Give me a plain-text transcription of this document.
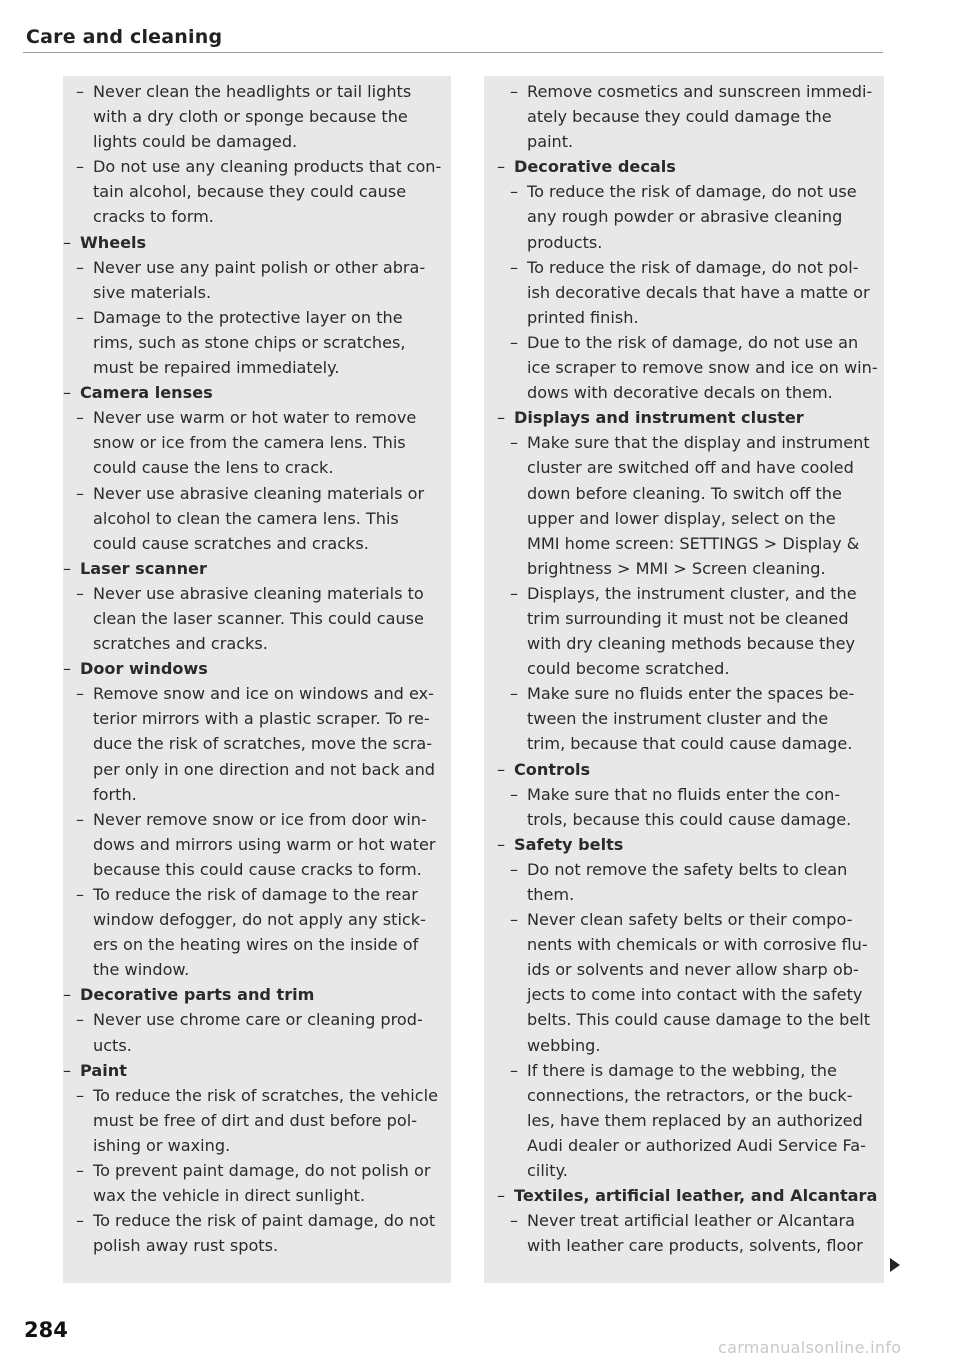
Care and cleaning
– Never clean the headlights or tail lights
with a dry cloth or sponge because the
lights could be damaged.
– Do not use any cleaning products that con-
tain alcohol, because they could cause
cracks to form.
– Wheels
– Never use any paint polish or other abra-
sive materials.
– Damage to the protective layer on the
rims, such as stone chips or scratches,
must be repaired immediately.
– Camera lenses
– Never use warm or hot water to remove
snow or ice from the camera lens. This
could cause the lens to crack.
– Never use abrasive cleaning materials or
alcohol to clean the camera lens. This
could cause scratches and cracks.
– Laser scanner
– Never use abrasive cleaning materials to
clean the laser scanner. This could cause
scratches and cracks.
– Door windows
– Remove snow and ice on windows and ex-
terior mirrors with a plastic scraper. To re-
duce the risk of scratches, move the scra-
per only in one direction and not back and
forth.
– Never remove snow or ice from door win-
dows and mirrors using warm or hot water
because this could cause cracks to form.
– To reduce the risk of damage to the rear
window defogger, do not apply any stick-
ers on the heating wires on the inside of
the window.
– Decorative parts and trim
– Never use chrome care or cleaning prod-
ucts.
– Paint
– To reduce the risk of scratches, the vehicle
must be free of dirt and dust before pol-
ishing or waxing.
– To prevent paint damage, do not polish or
wax the vehicle in direct sunlight.
– To reduce the risk of paint damage, do not
polish away rust spots.
– Remove cosmetics and sunscreen immedi-
ately because they could damage the
paint.
– Decorative decals
– To reduce the risk of damage, do not use
any rough powder or abrasive cleaning
products.
– To reduce the risk of damage, do not pol-
ish decorative decals that have a matte or
printed finish.
– Due to the risk of damage, do not use an
ice scraper to remove snow and ice on win-
dows with decorative decals on them.
– Displays and instrument cluster
– Make sure that the display and instrument
cluster are switched off and have cooled
down before cleaning. To switch off the
upper and lower display, select on the
MMI home screen: SETTINGS > Display &
brightness > MMI > Screen cleaning.
– Displays, the instrument cluster, and the
trim surrounding it must not be cleaned
with dry cleaning methods because they
could become scratched.
– Make sure no fluids enter the spaces be-
tween the instrument cluster and the
trim, because that could cause damage.
– Controls
– Make sure that no fluids enter the con-
trols, because this could cause damage.
– Safety belts
– Do not remove the safety belts to clean
them.
– Never clean safety belts or their compo-
nents with chemicals or with corrosive flu-
ids or solvents and never allow sharp ob-
jects to come into contact with the safety
belts. This could cause damage to the belt
webbing.
– If there is damage to the webbing, the
connections, the retractors, or the buck-
les, have them replaced by an authorized
Audi dealer or authorized Audi Service Fa-
cility.
– Textiles, artificial leather, and Alcantara
– Never treat artificial leather or Alcantara
with leather care products, solvents, floor
284
carmanualsonline.info
